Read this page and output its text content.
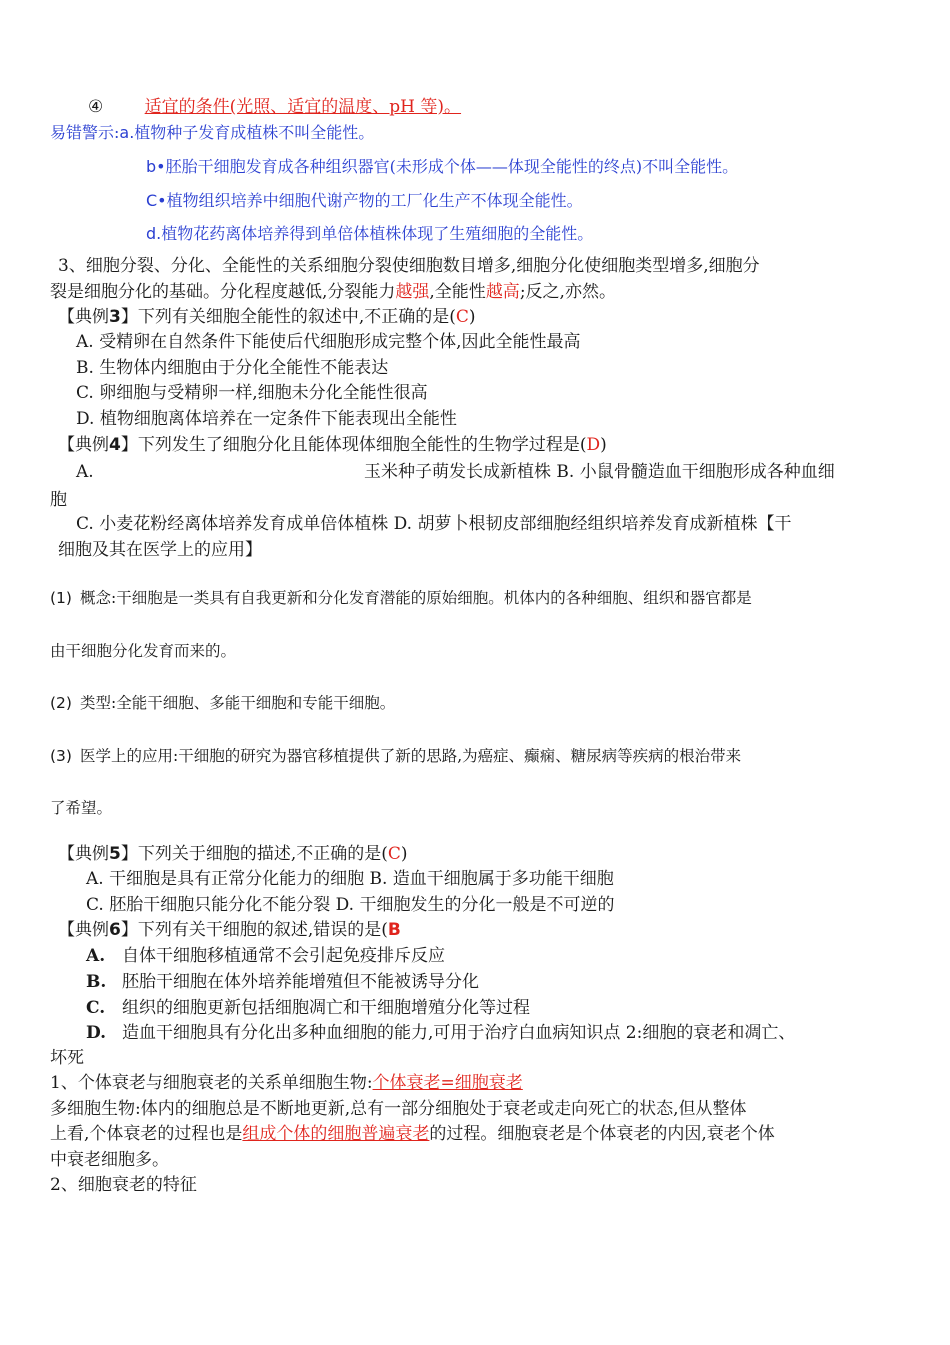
④ 适宜的条件(光照、适宜的温度、pH 等)。
易错警示:a.植物种子发育成植株不叫全能性。
b•胚胎干细胞发育成各种组织器官(未形成个体——体现全能性的终点)不叫全能性。
C•植物组织培养中细胞代谢产物的工厂化生产不体现全能性。
d.植物花药离体培养得到单倍体植株体现了生殖细胞的全能性。
3、细胞分裂、分化、全能性的关系细胞分裂使细胞数目增多,细胞分化使细胞类型增多,细胞分
裂是细胞分化的基础。分化程度越低,分裂能力越强,全能性越高;反之,亦然。
【典例3】下列有关细胞全能性的叙述中,不正确的是(C)
A. 受精卵在自然条件下能使后代细胞形成完整个体,因此全能性最高
B. 生物体内细胞由于分化全能性不能表达
C. 卵细胞与受精卵一样,细胞未分化全能性很高
D. 植物细胞离体培养在一定条件下能表现出全能性
【典例4】下列发生了细胞分化且能体现体细胞全能性的生物学过程是(D)
A.	玉米种子萌发长成新植株 B. 小鼠骨髓造血干细胞形成各种血细
胞
C. 小麦花粉经离体培养发育成单倍体植株 D. 胡萝卜根韧皮部细胞经组织培养发育成新植株【干
细胞及其在医学上的应用】
(1) 概念:干细胞是一类具有自我更新和分化发育潜能的原始细胞。机体内的各种细胞、组织和器官都是
由干细胞分化发育而来的。
(2) 类型:全能干细胞、多能干细胞和专能干细胞。
(3) 医学上的应用:干细胞的研究为器官移植提供了新的思路,为癌症、癫痫、糖尿病等疾病的根治带来
了希望。
【典例5】下列关于细胞的描述,不正确的是(C)
A. 干细胞是具有正常分化能力的细胞 B. 造血干细胞属于多功能干细胞
C. 胚胎干细胞只能分化不能分裂 D. 干细胞发生的分化一般是不可逆的
【典例6】下列有关干细胞的叙述,错误的是(B
A. 自体干细胞移植通常不会引起免疫排斥反应
B. 胚胎干细胞在体外培养能增殖但不能被诱导分化
C. 组织的细胞更新包括细胞凋亡和干细胞增殖分化等过程
D. 造血干细胞具有分化出多种血细胞的能力,可用于治疗白血病知识点 2:细胞的衰老和凋亡、
坏死
1、个体衰老与细胞衰老的关系单细胞生物:个体衰老=细胞衰老
多细胞生物:体内的细胞总是不断地更新,总有一部分细胞处于衰老或走向死亡的状态,但从整体
上看,个体衰老的过程也是组成个体的细胞普遍衰老的过程。细胞衰老是个体衰老的内因,衰老个体
中衰老细胞多。
2、细胞衰老的特征
